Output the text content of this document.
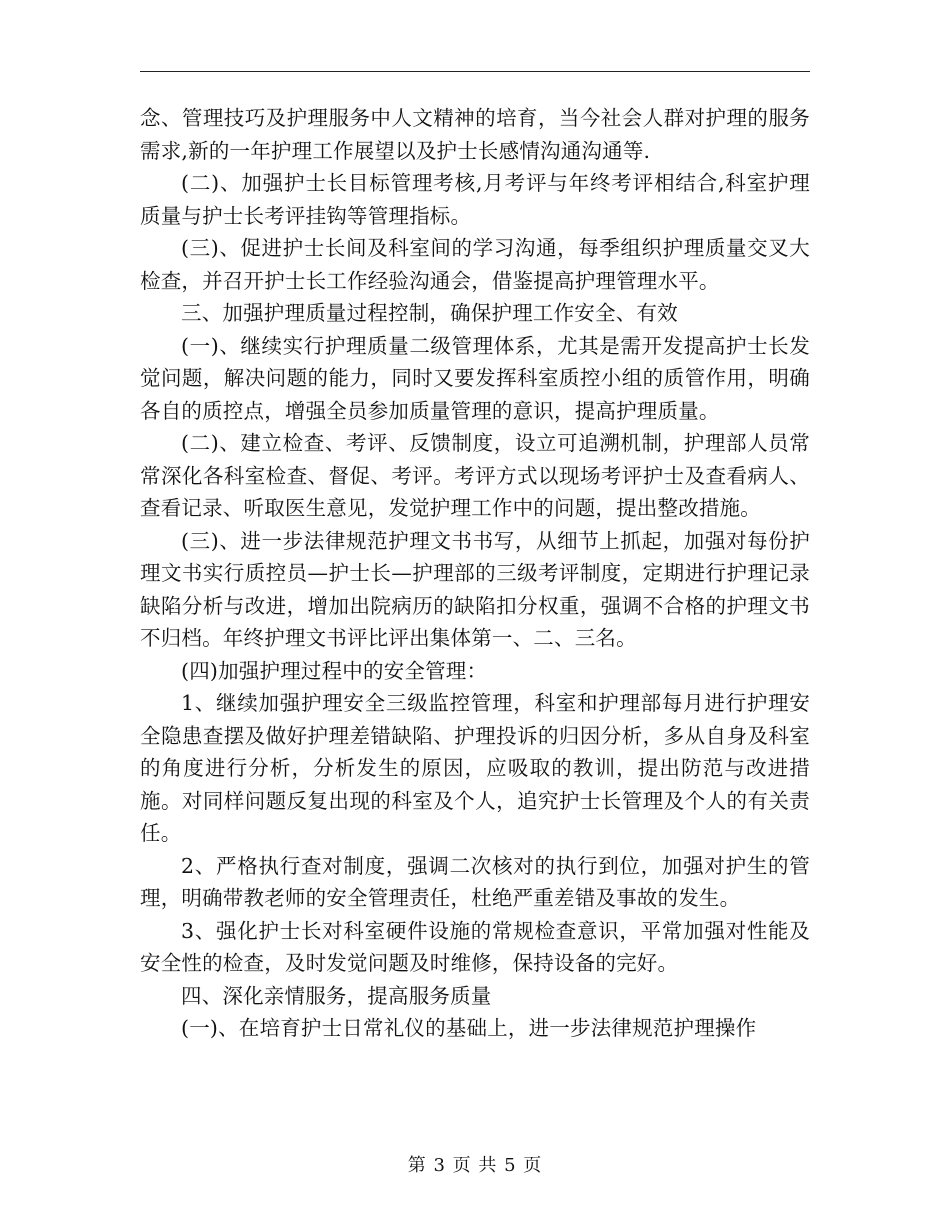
念、管理技巧及护理服务中人文精神的培育，当今社会人群对护理的服务需求,新的一年护理工作展望以及护士长感情沟通沟通等.

(二)、加强护士长目标管理考核,月考评与年终考评相结合,科室护理质量与护士长考评挂钩等管理指标。

(三)、促进护士长间及科室间的学习沟通，每季组织护理质量交叉大检查，并召开护士长工作经验沟通会，借鉴提高护理管理水平。

三、加强护理质量过程控制，确保护理工作安全、有效

(一)、继续实行护理质量二级管理体系，尤其是需开发提高护士长发觉问题，解决问题的能力，同时又要发挥科室质控小组的质管作用，明确各自的质控点，增强全员参加质量管理的意识，提高护理质量。

(二)、建立检查、考评、反馈制度，设立可追溯机制，护理部人员常常深化各科室检查、督促、考评。考评方式以现场考评护士及查看病人、查看记录、听取医生意见，发觉护理工作中的问题，提出整改措施。

(三)、进一步法律规范护理文书书写，从细节上抓起，加强对每份护理文书实行质控员—护士长—护理部的三级考评制度，定期进行护理记录缺陷分析与改进，增加出院病历的缺陷扣分权重，强调不合格的护理文书不归档。年终护理文书评比评出集体第一、二、三名。

(四)加强护理过程中的安全管理：

1、继续加强护理安全三级监控管理，科室和护理部每月进行护理安全隐患查摆及做好护理差错缺陷、护理投诉的归因分析，多从自身及科室的角度进行分析，分析发生的原因，应吸取的教训，提出防范与改进措施。对同样问题反复出现的科室及个人，追究护士长管理及个人的有关责任。

2、严格执行查对制度，强调二次核对的执行到位，加强对护生的管理，明确带教老师的安全管理责任，杜绝严重差错及事故的发生。

3、强化护士长对科室硬件设施的常规检查意识，平常加强对性能及安全性的检查，及时发觉问题及时维修，保持设备的完好。

四、深化亲情服务，提高服务质量

(一)、在培育护士日常礼仪的基础上，进一步法律规范护理操作

第 3 页 共 5 页
